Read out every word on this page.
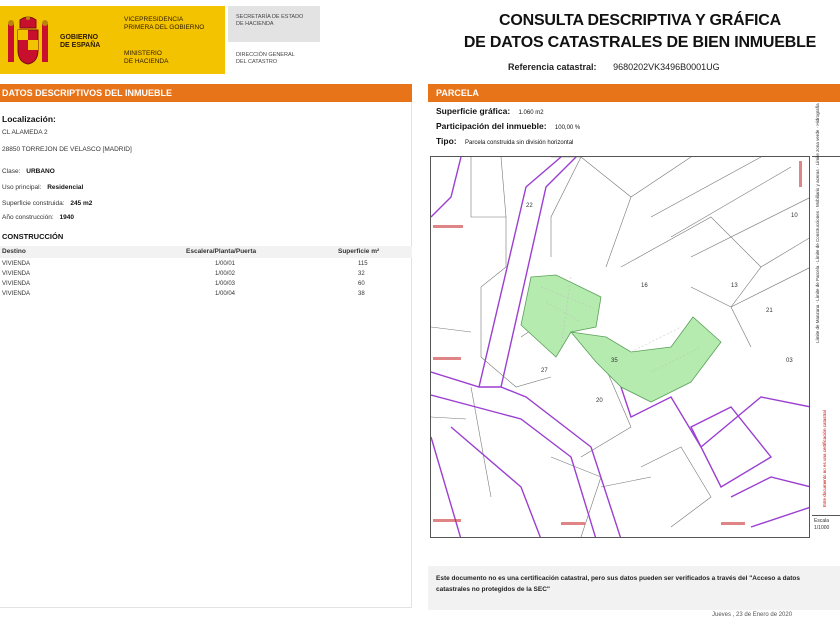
GOBIERNO
DE ESPAÑA
VICEPRESIDENCIA
PRIMERA DEL GOBIERNO
MINISTERIO
DE HACIENDA
SECRETARÍA DE ESTADO
DE HACIENDA
DIRECCIÓN GENERAL
DEL CATASTRO
CONSULTA DESCRIPTIVA Y GRÁFICA
DE DATOS CATASTRALES DE BIEN INMUEBLE
Referencia catastral: 9680202VK3496B0001UG
DATOS DESCRIPTIVOS DEL INMUEBLE	PARCELA
Localización:
CL ALAMEDA 2
28850 TORREJON DE VELASCO [MADRID]
Clase: URBANO
Uso principal: Residencial
Superficie construida: 245 m2
Año construcción: 1940
CONSTRUCCIÓN
Destino	Escalera/Planta/Puerta	Superficie m²
VIVIENDA	1/00/01	115
VIVIENDA	1/00/02	32
VIVIENDA	1/00/03	60
VIVIENDA	1/00/04	38
Superficie gráfica: 1.060 m2
Participación del inmueble: 100,00 %
Tipo: Parcela construida sin división horizontal
22
16	13
21
27
35
20
03
10	Límite de Manzana · Límite de Parcela · Límite de Construcciones · Mobiliario y aceras · Límite zona verde · Hidrografía
Este documento no es una certificación catastral
Escala
1/1000
Este documento no es una certificación catastral, pero sus datos pueden ser verificados a través del "Acceso a datos catastrales no protegidos de la SEC"
Jueves , 23 de Enero de 2020
